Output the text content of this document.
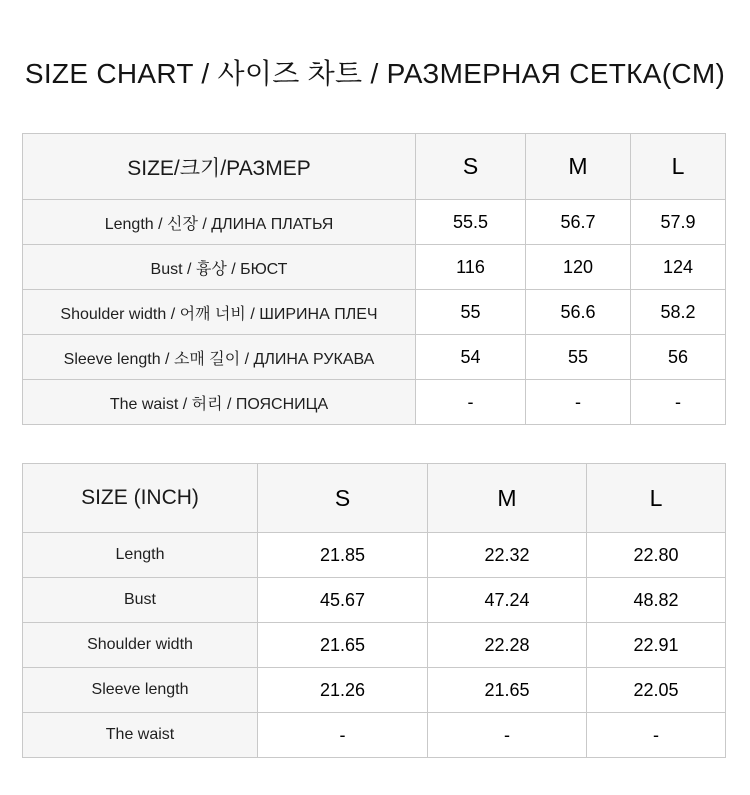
SIZE CHART / 사이즈 차트 / РАЗМЕРНАЯ СЕТКА(CM)
SIZE/크기/РАЗМЕР	S	M	L
Length / 신장 / ДЛИНА ПЛАТЬЯ	55.5	56.7	57.9
Bust / 흉상 / БЮСТ	116	120	124
Shoulder width / 어깨 너비 / ШИРИНА ПЛЕЧ	55	56.6	58.2
Sleeve length / 소매 길이 / ДЛИНА РУКАВА	54	55	56
The waist / 허리 / ПОЯСНИЦА	-	-	-
SIZE (INCH)	S	M	L
Length	21.85	22.32	22.80
Bust	45.67	47.24	48.82
Shoulder width	21.65	22.28	22.91
Sleeve length	21.26	21.65	22.05
The waist	-	-	-
